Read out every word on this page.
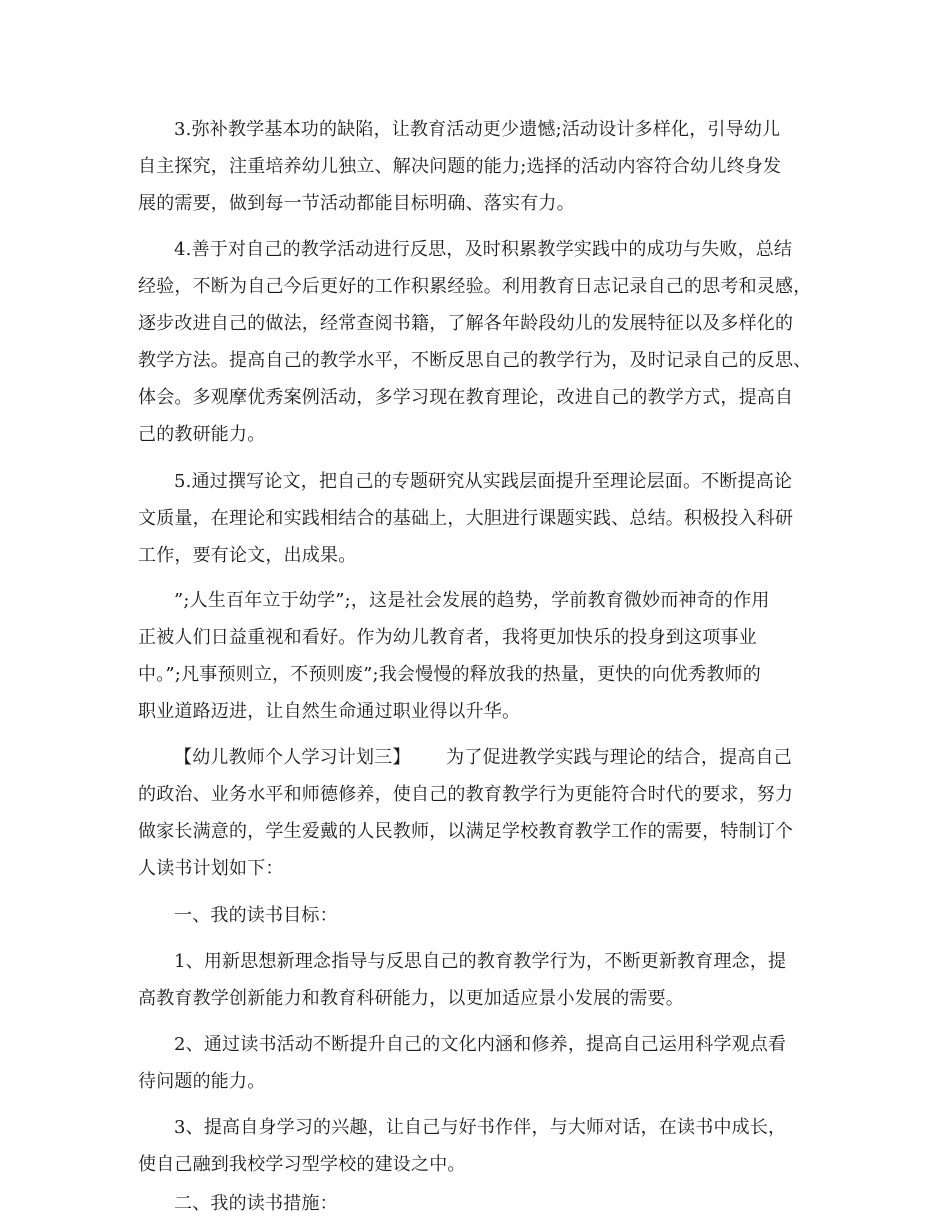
3.弥补教学基本功的缺陷，让教育活动更少遗憾;活动设计多样化，引导幼儿
自主探究，注重培养幼儿独立、解决问题的能力;选择的活动内容符合幼儿终身发
展的需要，做到每一节活动都能目标明确、落实有力。
4.善于对自己的教学活动进行反思，及时积累教学实践中的成功与失败，总结
经验，不断为自己今后更好的工作积累经验。利用教育日志记录自己的思考和灵感，
逐步改进自己的做法，经常查阅书籍，了解各年龄段幼儿的发展特征以及多样化的
教学方法。提高自己的教学水平，不断反思自己的教学行为，及时记录自己的反思、
体会。多观摩优秀案例活动，多学习现在教育理论，改进自己的教学方式，提高自
己的教研能力。
5.通过撰写论文，把自己的专题研究从实践层面提升至理论层面。不断提高论
文质量，在理论和实践相结合的基础上，大胆进行课题实践、总结。积极投入科研
工作，要有论文，出成果。
”;人生百年立于幼学”;，这是社会发展的趋势，学前教育微妙而神奇的作用
正被人们日益重视和看好。作为幼儿教育者，我将更加快乐的投身到这项事业
中。”;凡事预则立，不预则废”;我会慢慢的释放我的热量，更快的向优秀教师的
职业道路迈进，让自然生命通过职业得以升华。
【幼儿教师个人学习计划三】      为了促进教学实践与理论的结合，提高自己
的政治、业务水平和师德修养，使自己的教育教学行为更能符合时代的要求，努力
做家长满意的，学生爱戴的人民教师，以满足学校教育教学工作的需要，特制订个
人读书计划如下：
一、我的读书目标：
1、用新思想新理念指导与反思自己的教育教学行为，不断更新教育理念，提
高教育教学创新能力和教育科研能力，以更加适应景小发展的需要。
2、通过读书活动不断提升自己的文化内涵和修养，提高自己运用科学观点看
待问题的能力。
3、提高自身学习的兴趣，让自己与好书作伴，与大师对话，在读书中成长，
使自己融到我校学习型学校的建设之中。
二、我的读书措施：
